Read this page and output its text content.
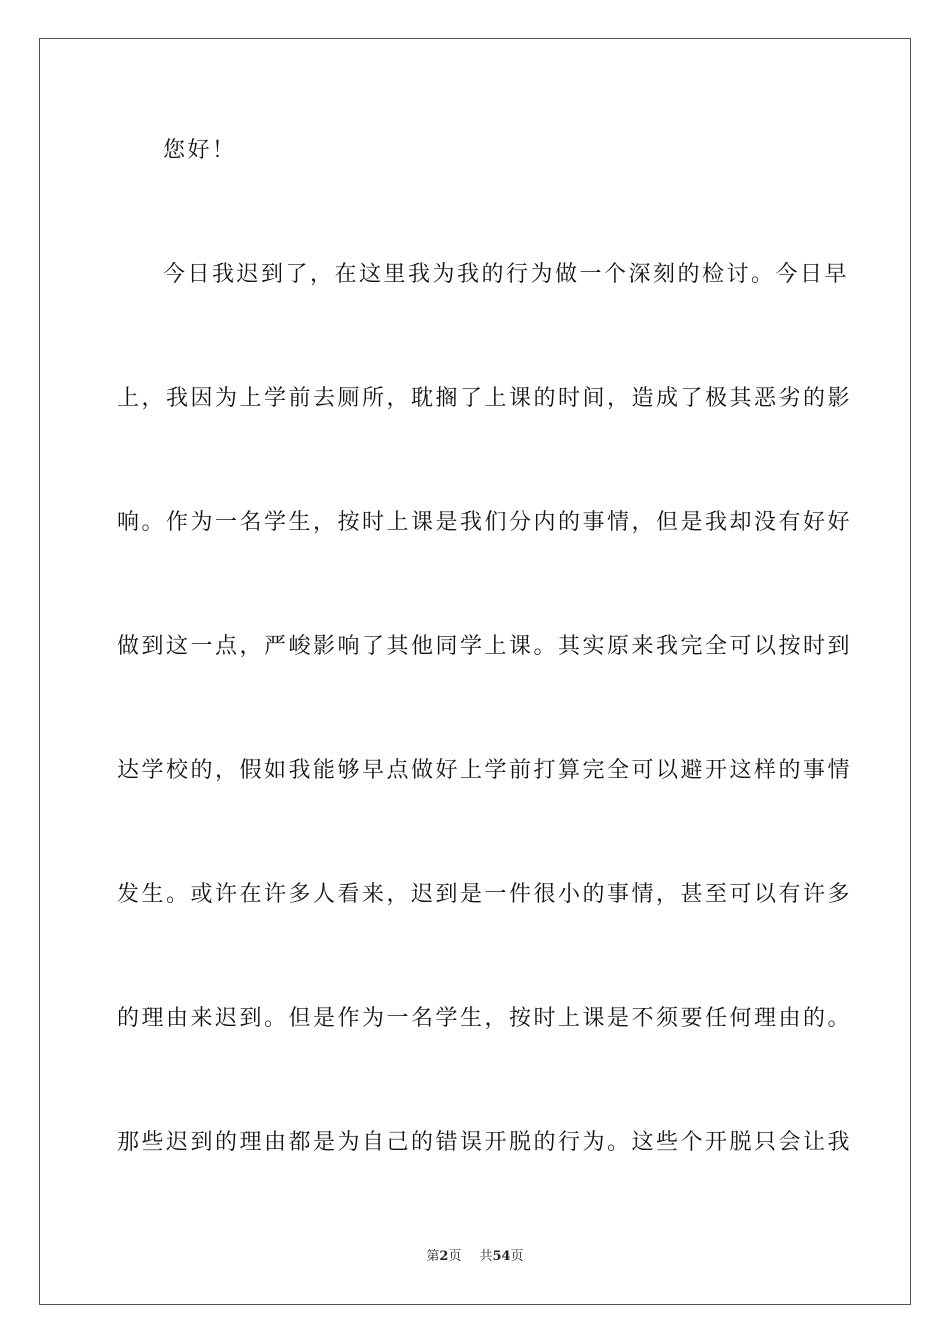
您好！
今日我迟到了，在这里我为我的行为做一个深刻的检讨。今日早
上，我因为上学前去厕所，耽搁了上课的时间，造成了极其恶劣的影
响。作为一名学生，按时上课是我们分内的事情，但是我却没有好好
做到这一点，严峻影响了其他同学上课。其实原来我完全可以按时到
达学校的，假如我能够早点做好上学前打算完全可以避开这样的事情
发生。或许在许多人看来，迟到是一件很小的事情，甚至可以有许多
的理由来迟到。但是作为一名学生，按时上课是不须要任何理由的。
那些迟到的理由都是为自己的错误开脱的行为。这些个开脱只会让我
第2页 共54页
